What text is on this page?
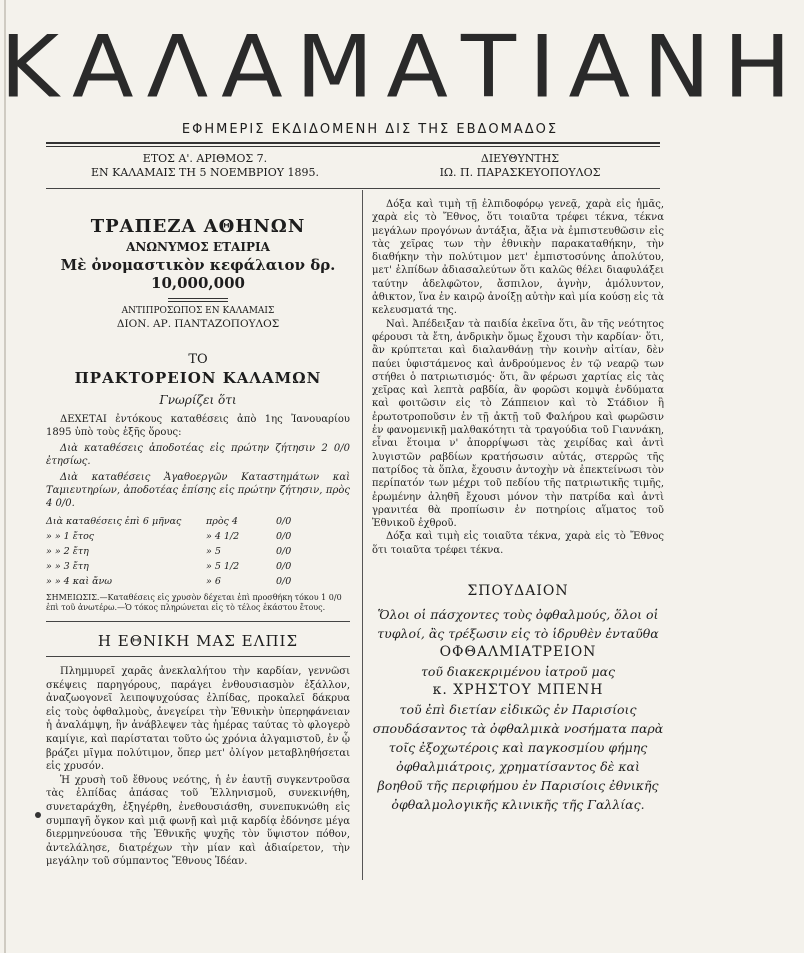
ΚΑΛΑΜΑΤΙΑΝΗ
ΕΦΗΜΕΡΙΣ ΕΚΔΙΔΟΜΕΝΗ ΔΙΣ ΤΗΣ ΕΒΔΟΜΑΔΟΣ
ΕΤΟΣ Α'. ΑΡΙΘΜΟΣ 7.
ΕΝ ΚΑΛΑΜΑΙΣ ΤΗ 5 ΝΟΕΜΒΡΙΟΥ 1895.
ΔΙΕΥΘΥΝΤΗΣ
ΙΩ. Π. ΠΑΡΑΣΚΕΥΟΠΟΥΛΟΣ
ΤΡΑΠΕΖΑ ΑΘΗΝΩΝ
ΑΝΩΝΥΜΟΣ ΕΤΑΙΡΙΑ
Μὲ ὀνομαστικὸν κεφάλαιον δρ. 10,000,000
ΑΝΤΙΠΡΟΣΩΠΟΣ ΕΝ ΚΑΛΑΜΑΙΣ
ΔΙΟΝ. ΑΡ. ΠΑΝΤΑΖΟΠΟΥΛΟΣ
ΤΟ
ΠΡΑΚΤΟΡΕΙΟΝ ΚΑΛΑΜΩΝ
Γνωρίζει ὅτι

ΔΕΧΕΤΑΙ ἐντόκους καταθέσεις ἀπὸ 1ης Ἰανουαρίου 1895 ὑπὸ τοὺς ἑξῆς ὅρους:

Διὰ καταθέσεις ἀποδοτέας εἰς πρώτην ζήτησιν 2 0/0 ἐτησίως.

Διὰ καταθέσεις Ἀγαθοεργῶν Καταστημάτων καὶ Ταμιευτηρίων, ἀποδοτέας ἐπίσης εἰς πρώτην ζήτησιν, πρὸς 4 0/0.

Διὰ καταθέσεις ἐπὶ 6 μῆνας	πρὸς 4	0/0
» » 1 ἔτος	» 4 1/2	0/0
» » 2 ἔτη	» 5	0/0
» » 3 ἔτη	» 5 1/2	0/0
» » 4 καὶ ἄνω	» 6	0/0
ΣΗΜΕΙΩΣΙΣ.—Καταθέσεις εἰς χρυσὸν δέχεται ἐπὶ προσθήκη τόκου 1 0/0 ἐπὶ τοῦ ἀνωτέρω.—Ὁ τόκος πληρώνεται εἰς τὸ τέλος ἑκάστου ἔτους.
Η ΕΘΝΙΚΗ ΜΑΣ ΕΛΠΙΣ

Πλημμυρεῖ χαρᾶς ἀνεκλαλήτου τὴν καρδίαν, γεννῶσι σκέψεις παρηγόρους, παράγει ἐνθουσιασμὸν ἐξάλλον, ἀναζωογονεῖ λειποψυχούσας ἐλπίδας, προκαλεῖ δάκρυα εἰς τοὺς ὀφθαλμοὺς, ἀνεγείρει τὴν Ἐθνικὴν ὑπερηφάνειαν ἡ ἀναλάμψη, ἣν ἀνάβλεψεν τὰς ἡμέρας ταύτας τὸ φλογερὸ καμίγιε, καὶ παρίσταται τοῦτο ὡς χρόνια ἀλγαμιστοῦ, ἐν ᾧ βράζει μῖγμα πολύτιμον, ὅπερ μετ' ὀλίγον μεταβληθήσεται εἰς χρυσόν.

Ἡ χρυσὴ τοῦ ἔθνους νεότης, ἡ ἐν ἑαυτῇ συγκεντροῦσα τὰς ἐλπίδας ἁπάσας τοῦ Ἑλληνισμοῦ, συνεκινήθη, συνεταράχθη, ἐξηγέρθη, ἐνεθουσιάσθη, συνεπυκνώθη εἰς συμπαγῆ ὄγκον καὶ μιᾷ φωνῇ καὶ μιᾷ καρδίᾳ ἐδόνησε μέγα διερμηνεύουσα τῆς Ἐθνικῆς ψυχῆς τὸν ὕψιστον πόθον, ἀντελάλησε, διατρέχων τὴν μίαν καὶ ἀδιαίρετον, τὴν μεγάλην τοῦ σύμπαντος Ἔθνους Ἰδέαν.

Δόξα καὶ τιμὴ τῇ ἐλπιδοφόρῳ γενεᾷ, χαρὰ εἰς ἡμᾶς, χαρὰ εἰς τὸ Ἔθνος, ὅτι τοιαῦτα τρέφει τέκνα, τέκνα μεγάλων προγόνων ἀντάξια, ἄξια νὰ ἐμπιστευθῶσιν εἰς τὰς χεῖρας των τὴν ἐθνικὴν παρακαταθήκην, τὴν διαθήκην τὴν πολύτιμον μετ' ἐμπιστοσύνης ἀπολύτου, μετ' ἐλπίδων ἀδιασαλεύτων ὅτι καλῶς θέλει διαφυλάξει ταύτην ἀδελφῶτον, ἄσπιλον, ἁγνὴν, ἀμόλυντον, ἀθικτον, ἵνα ἐν καιρῷ ἀνοίξῃ αὐτὴν καὶ μία κούσῃ εἰς τὰ κελευσματά της.

Ναὶ. Ἀπέδειξαν τὰ παιδία ἐκεῖνα ὅτι, ἂν τῆς νεότητος φέρουσι τὰ ἔτη, ἀνδρικὴν ὅμως ἔχουσι τὴν καρδίαν· ὅτι, ἂν κρύπτεται καὶ διαλανθάνῃ τὴν κοινὴν αἰτίαν, δὲν παύει ὑφιστάμενος καὶ ἀνδρούμενος ἐν τῷ νεαρῷ των στήθει ὁ πατριωτισμός· ὅτι, ἂν φέρωσι χαρτίας εἰς τὰς χεῖρας καὶ λεπτὰ ραβδία, ἂν φορῶσι κομψὰ ἐνδύματα καὶ φοιτῶσιν εἰς τὸ Ζάππειον καὶ τὸ Στάδιον ἢ ἐρωτοτροποῦσιν ἐν τῇ ἀκτῇ τοῦ Φαλήρου καὶ φωρῶσιν ἐν φανομενικῇ μαλθακότητι τὰ τραγούδια τοῦ Γιαννάκη, εἶναι ἕτοιμα ν' ἀπορρίψωσι τὰς χειρίδας καὶ ἀντὶ λυγιστῶν ραβδίων κρατήσωσιν αὐτάς, στερρῶς τῆς πατρίδος τὰ ὅπλα, ἔχουσιν ἀντοχὴν νὰ ἐπεκτείνωσι τὸν περίπατόν των μέχρι τοῦ πεδίου τῆς πατριωτικῆς τιμῆς, ἐρωμένην ἀληθῆ ἔχουσι μόνον τὴν πατρίδα καὶ ἀντὶ γρανιτέα θὰ προπίωσιν ἐν ποτηρίοις αἵματος τοῦ Ἐθνικοῦ ἐχθροῦ.

Δόξα καὶ τιμὴ εἰς τοιαῦτα τέκνα, χαρὰ εἰς τὸ Ἔθνος ὅτι τοιαῦτα τρέφει τέκνα.

ΣΠΟΥΔΑΙΟΝ
Ὅλοι οἱ πάσχοντες τοὺς ὀφθαλμούς, ὅλοι οἱ τυφλοί, ἂς τρέξωσιν εἰς τὸ ἱδρυθὲν ἐνταῦθα
ΟΦΘΑΛΜΙΑΤΡΕΙΟΝ
τοῦ διακεκριμένου ἰατροῦ μας
κ. ΧΡΗΣΤΟΥ ΜΠΕΝΗ
τοῦ ἐπὶ διετίαν εἰδικῶς ἐν Παρισίοις σπουδάσαντος τὰ ὀφθαλμικὰ νοσήματα παρὰ τοῖς ἐξοχωτέροις καὶ παγκοσμίου φήμης ὀφθαλμιάτροις, χρηματίσαντος δὲ καὶ βοηθοῦ τῆς περιφήμου ἐν Παρισίοις ἐθνικῆς ὀφθαλμολογικῆς κλινικῆς τῆς Γαλλίας.
